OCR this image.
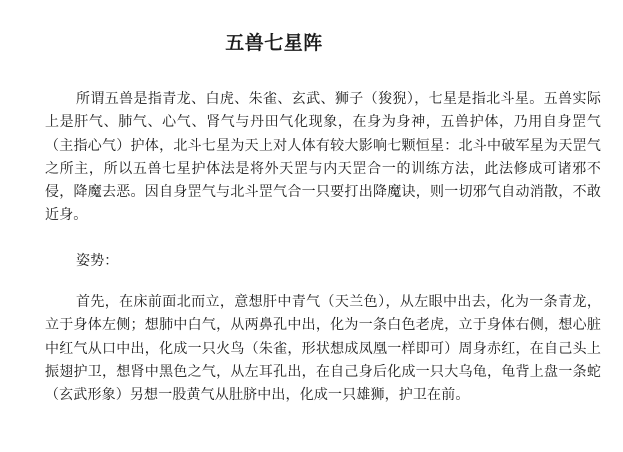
五兽七星阵

所谓五兽是指青龙、白虎、朱雀、玄武、狮子（狻猊），七星是指北斗星。五兽实际上是肝气、肺气、心气、肾气与丹田气化现象，在身为身神，五兽护体，乃用自身罡气（主指心气）护体，北斗七星为天上对人体有较大影响七颗恒星：北斗中破军星为天罡气之所主，所以五兽七星护体法是将外天罡与内天罡合一的训练方法，此法修成可诸邪不侵，降魔去恶。因自身罡气与北斗罡气合一只要打出降魔诀，则一切邪气自动消散，不敢近身。

姿势：

首先，在床前面北而立，意想肝中青气（天兰色），从左眼中出去，化为一条青龙，立于身体左侧；想肺中白气，从两鼻孔中出，化为一条白色老虎，立于身体右侧，想心脏中红气从口中出，化成一只火鸟（朱雀，形状想成凤凰一样即可）周身赤红，在自己头上振翅护卫，想肾中黑色之气，从左耳孔出，在自己身后化成一只大乌龟，龟背上盘一条蛇（玄武形象）另想一股黄气从肚脐中出，化成一只雄狮，护卫在前。
